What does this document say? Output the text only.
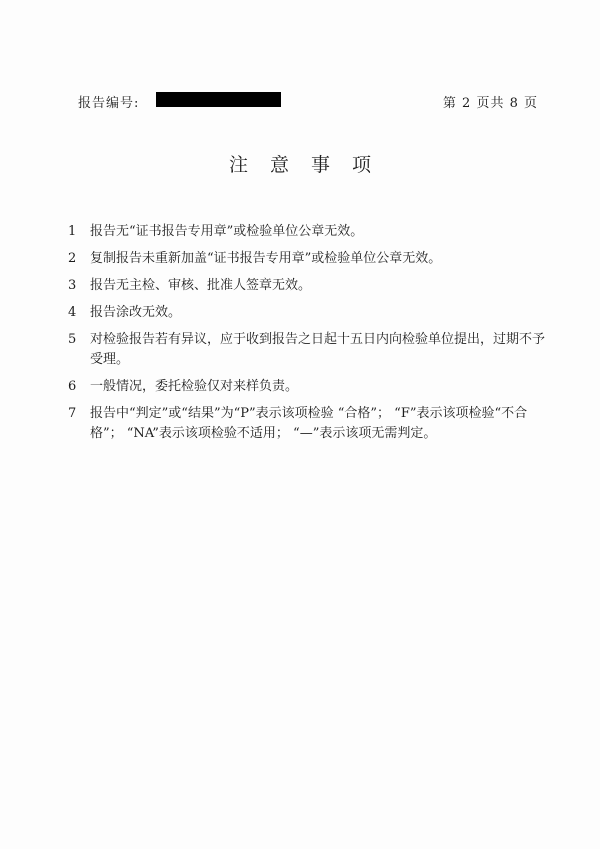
报告编号:	第 2 页共 8 页
注意事项
1	报告无“证书报告专用章”或检验单位公章无效。
2	复制报告未重新加盖“证书报告专用章”或检验单位公章无效。
3	报告无主检、审核、批准人签章无效。
4	报告涂改无效。
5	对检验报告若有异议，应于收到报告之日起十五日内向检验单位提出，过期不予受理。
6	一般情况，委托检验仅对来样负责。
7	报告中“判定”或“结果”为“P”表示该项检验 “合格”； “F”表示该项检验“不合格”； “NA”表示该项检验不适用； “—”表示该项无需判定。
